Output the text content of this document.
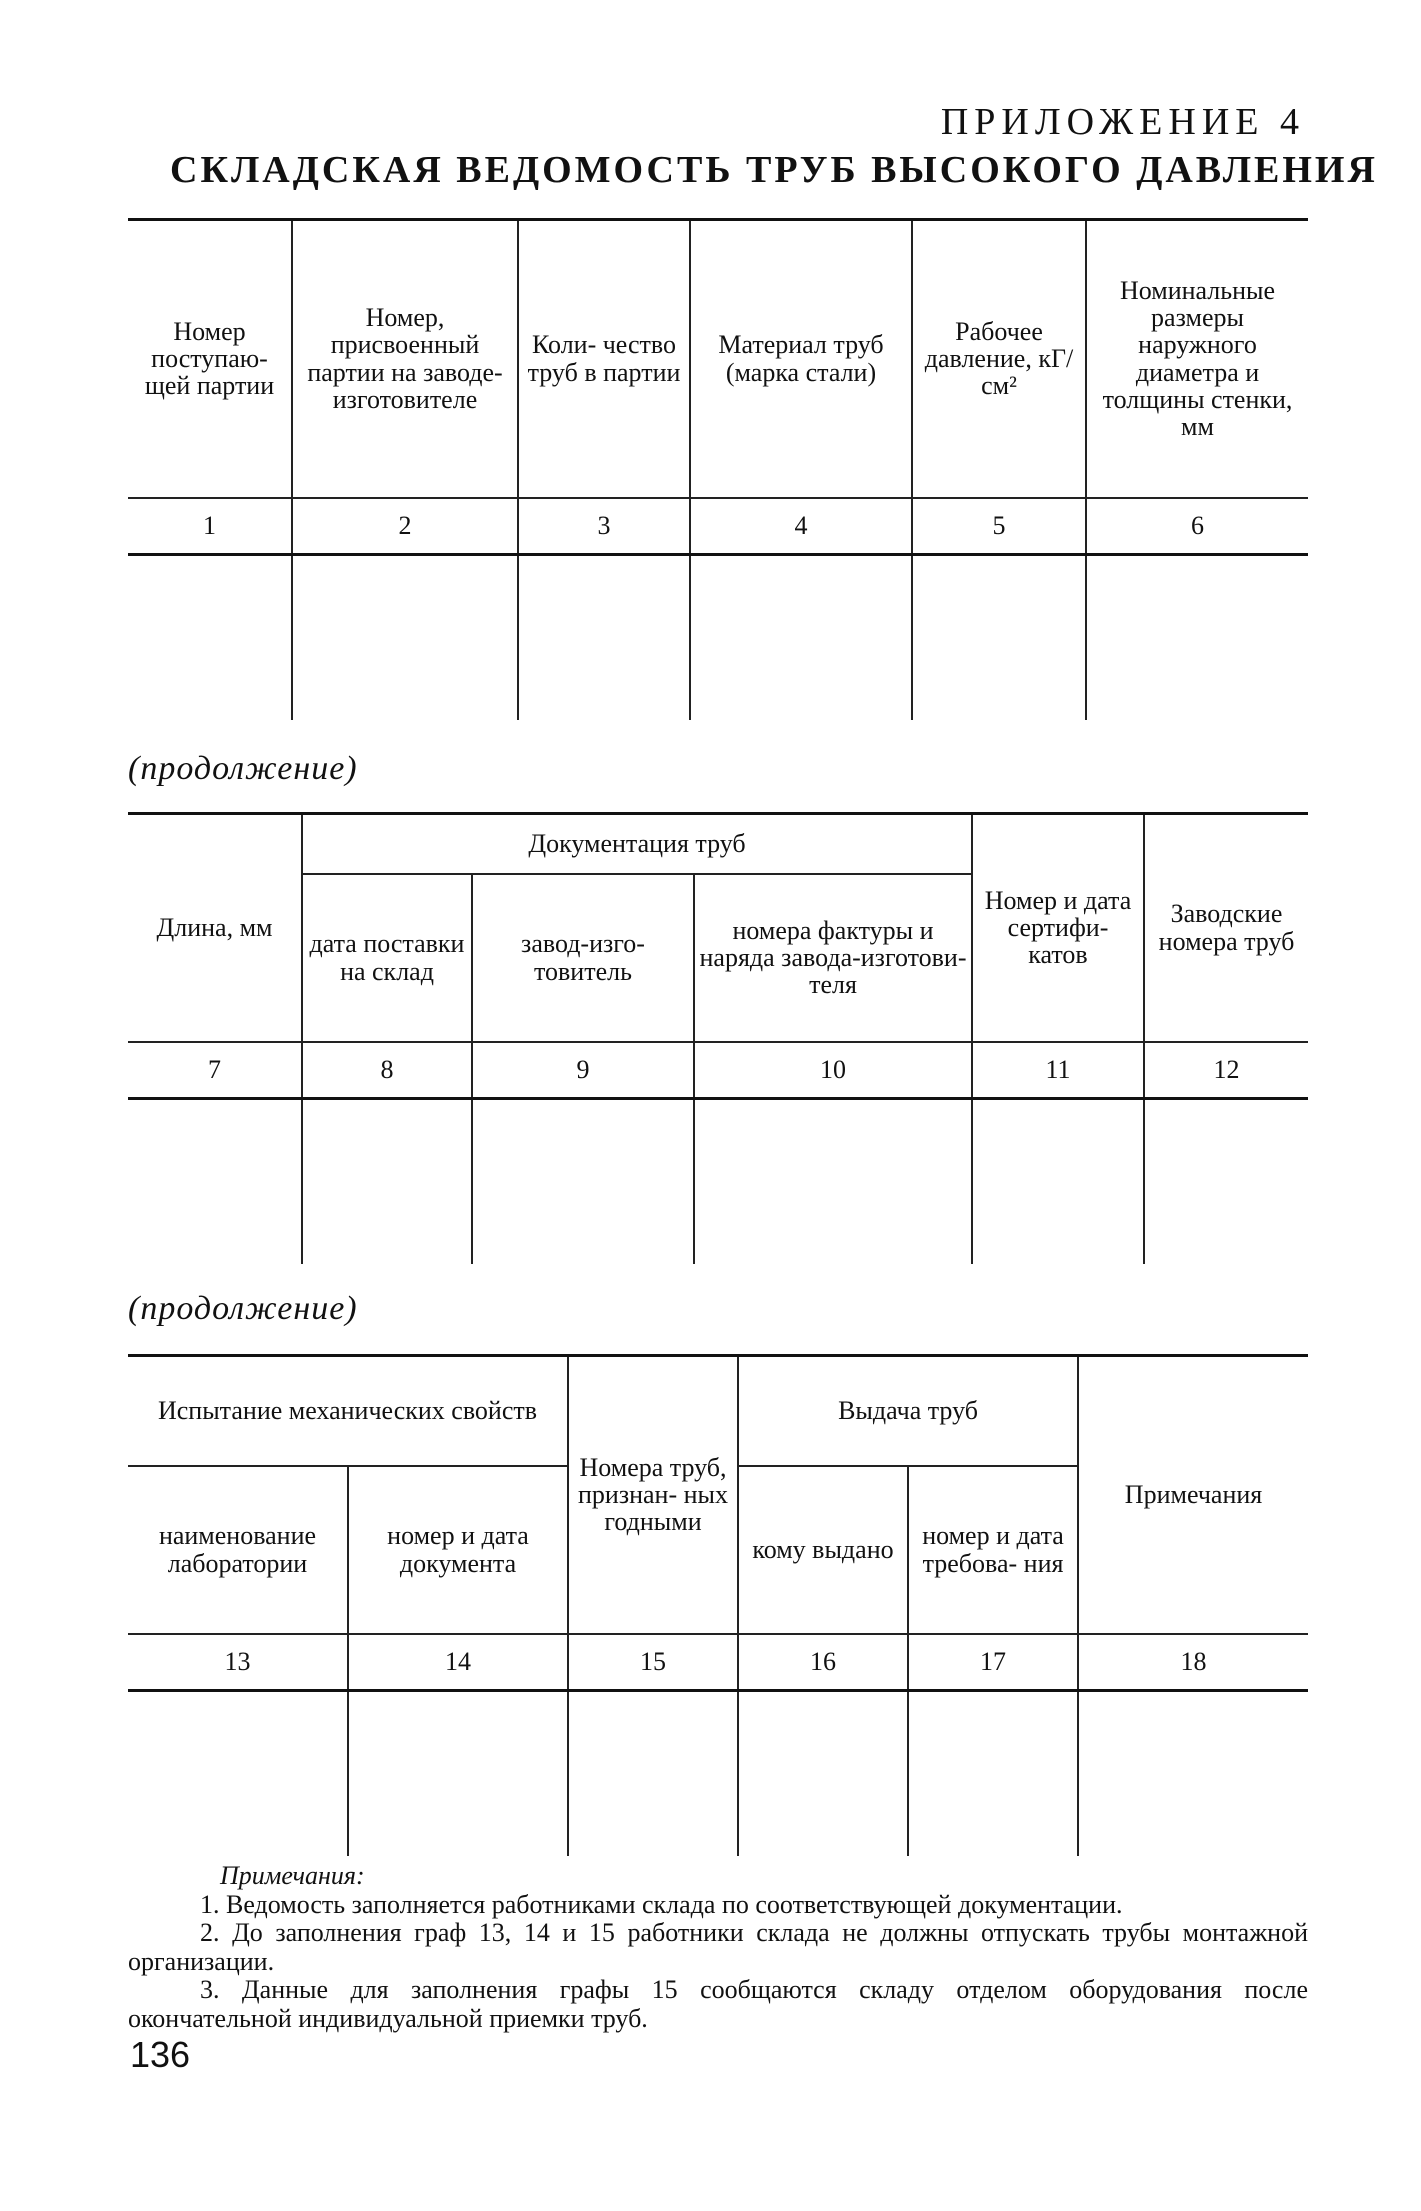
ПРИЛОЖЕНИЕ 4
СКЛАДСКАЯ ВЕДОМОСТЬ ТРУБ ВЫСОКОГО ДАВЛЕНИЯ
Номер поступаю- щей партии	Номер, присвоенный партии на заводе- изготовителе	Коли- чество труб в партии	Материал труб (марка стали)	Рабочее давление, кГ/см²	Номинальные размеры наружного диаметра и толщины стенки, мм
1	2	3	4	5	6

(продолжение)
Длина, мм	Документация труб			Номер и дата сертифи- катов	Заводские номера труб
	дата поставки на склад	завод-изго- товитель	номера фактуры и наряда завода-изготови- теля		
7	8	9	10	11	12

(продолжение)
Испытание механических свойств		Номера труб, признан- ных годными	Выдача труб		Примечания
наименование лаборатории	номер и дата документа		кому выдано	номер и дата требова- ния	
13	14	15	16	17	18

Примечания:

1. Ведомость заполняется работниками склада по соответствующей документации.

2. До заполнения граф 13, 14 и 15 работники склада не должны отпускать трубы монтажной организации.

3. Данные для заполнения графы 15 сообщаются складу отделом оборудования после окончательной индивидуальной приемки труб.

136
